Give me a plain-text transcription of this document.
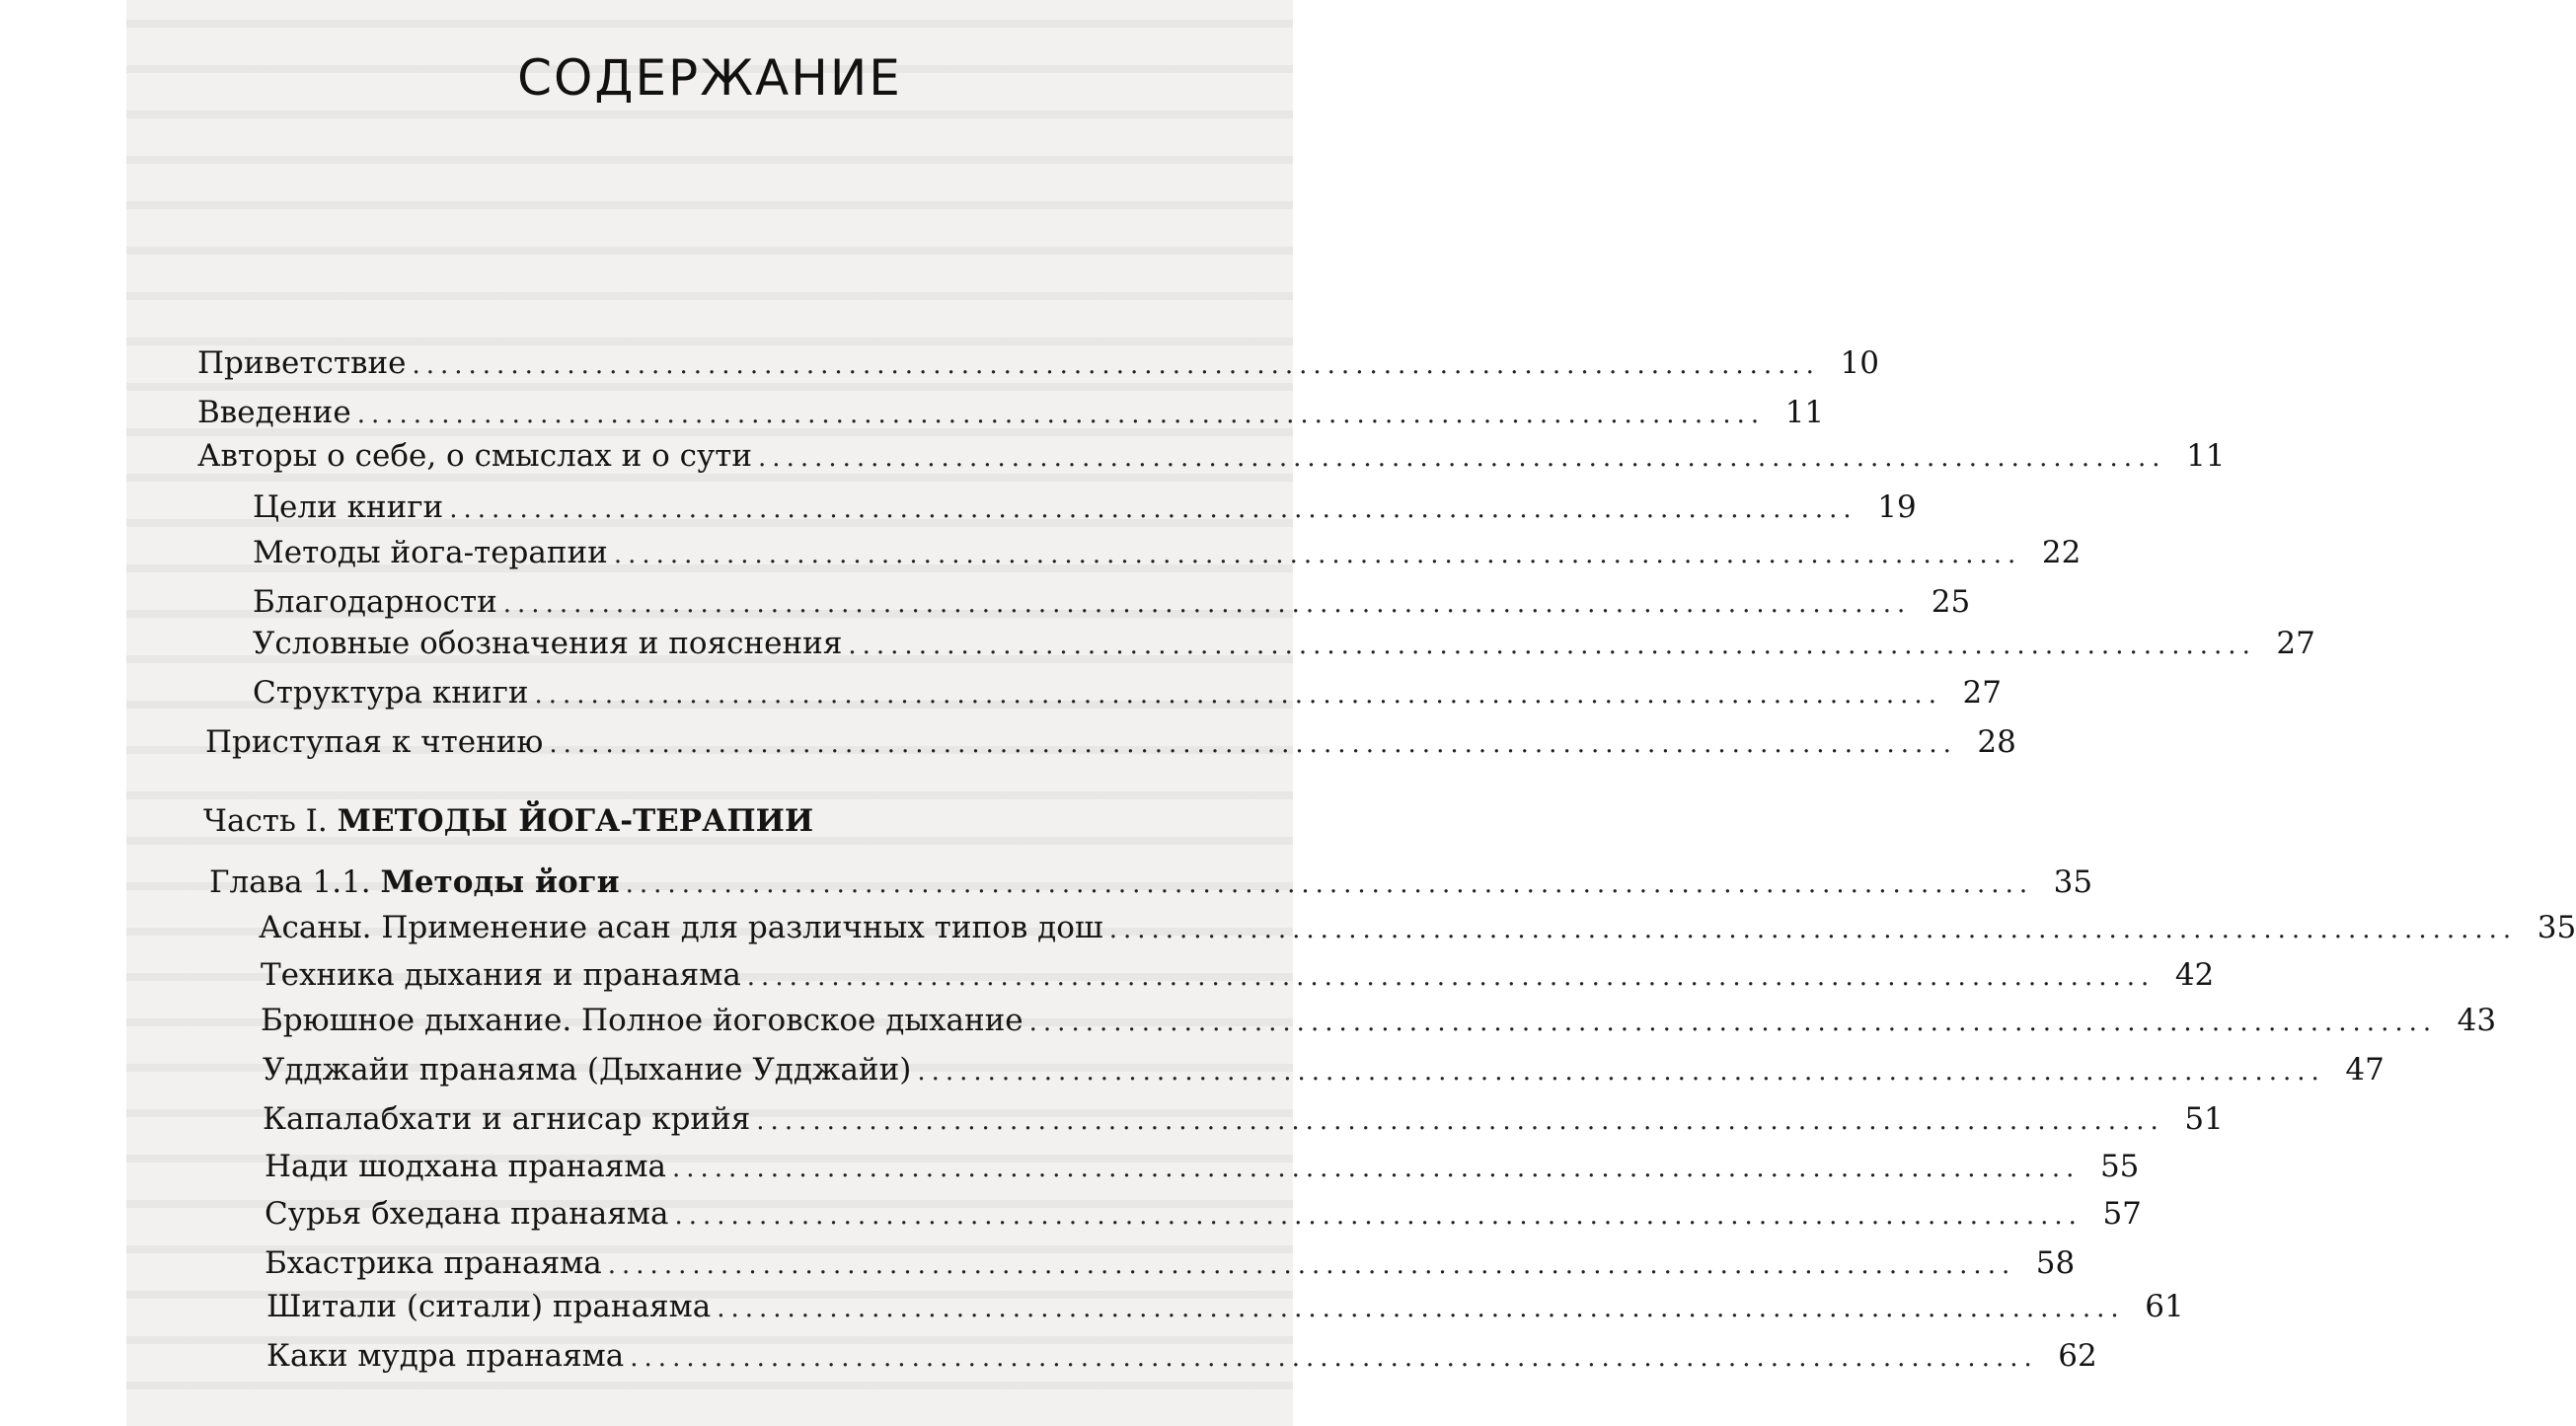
СОДЕРЖАНИЕ
Приветствие .................................................................................................... 10
Введение .................................................................................................... 11
Авторы о себе, о смыслах и о сути .................................................................................................... 11
Цели книги .................................................................................................... 19
Методы йога-терапии .................................................................................................... 22
Благодарности .................................................................................................... 25
Условные обозначения и пояснения .................................................................................................... 27
Структура книги .................................................................................................... 27
Приступая к чтению .................................................................................................... 28
Часть I. МЕТОДЫ ЙОГА-ТЕРАПИИ
Глава 1.1. Методы йоги .................................................................................................... 35
Асаны. Применение асан для различных типов дош .................................................................................................... 35
Техника дыхания и пранаяма .................................................................................................... 42
Брюшное дыхание. Полное йоговское дыхание .................................................................................................... 43
Удджайи пранаяма (Дыхание Удджайи) .................................................................................................... 47
Капалабхати и агнисар крийя .................................................................................................... 51
Нади шодхана пранаяма .................................................................................................... 55
Сурья бхедана пранаяма .................................................................................................... 57
Бхастрика пранаяма .................................................................................................... 58
Шитали (ситали) пранаяма .................................................................................................... 61
Каки мудра пранаяма .................................................................................................... 62
